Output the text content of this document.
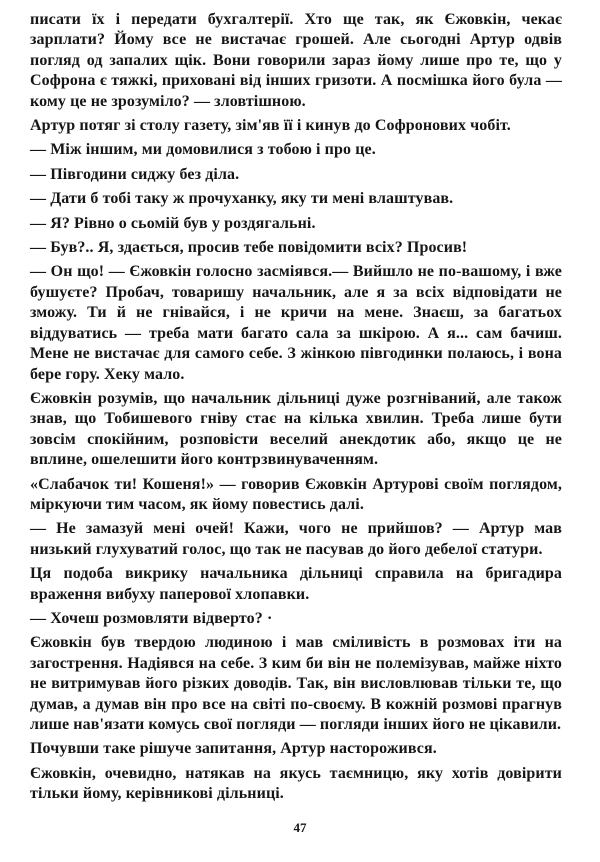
писати їх і передати бухгалтерії. Хто ще так, як Єжовкін, чекає зарплати? Йому все не вистачає грошей. Але сьогодні Артур одвів погляд од запалих щік. Вони говорили зараз йому лише про те, що у Софрона є тяжкі, приховані від інших гризоти. А посмішка його була — кому це не зрозуміло? — зловтішною.

Артур потяг зі столу газету, зім'яв її і кинув до Софронових чобіт.

— Між іншим, ми домовилися з тобою і про це.

— Півгодини сиджу без діла.

— Дати б тобі таку ж прочуханку, яку ти мені влаштував.

— Я? Рівно о сьомій був у роздягальні.

— Був?.. Я, здається, просив тебе повідомити всіх? Просив!

— Он що! — Єжовкін голосно засміявся.— Вийшло не по-вашому, і вже бушуєте? Пробач, товаришу начальник, але я за всіх відповідати не зможу. Ти й не гнівайся, і не кричи на мене. Знаєш, за багатьох віддуватись — треба мати багато сала за шкірою. А я... сам бачиш. Мене не вистачає для самого себе. З жінкою півгодинки полаюсь, і вона бере гору. Хеку мало.

Єжовкін розумів, що начальник дільниці дуже розгніваний, але також знав, що Тобишевого гніву стає на кілька хвилин. Треба лише бути зовсім спокійним, розповісти веселий анекдотик або, якщо це не вплине, ошелешити його контрзвинуваченням.

«Слабачок ти! Кошеня!» — говорив Єжовкін Артурові своїм поглядом, міркуючи тим часом, як йому повестись далі.

— Не замазуй мені очей! Кажи, чого не прийшов? — Артур мав низький глухуватий голос, що так не пасував до його дебелої статури.

Ця подоба викрику начальника дільниці справила на бригадира враження вибуху паперової хлопавки.

— Хочеш розмовляти відверто? ·

Єжовкін був твердою людиною і мав сміливість в розмовах іти на загострення. Надіявся на себе. З ким би він не полемізував, майже ніхто не витримував його різких доводів. Так, він висловлював тільки те, що думав, а думав він про все на світі по-своєму. В кожній розмові прагнув лише нав'язати комусь свої погляди — погляди інших його не цікавили.

Почувши таке рішуче запитання, Артур насторожився.

Єжовкін, очевидно, натякав на якусь таємницю, яку хотів довірити тільки йому, керівникові дільниці.

47
